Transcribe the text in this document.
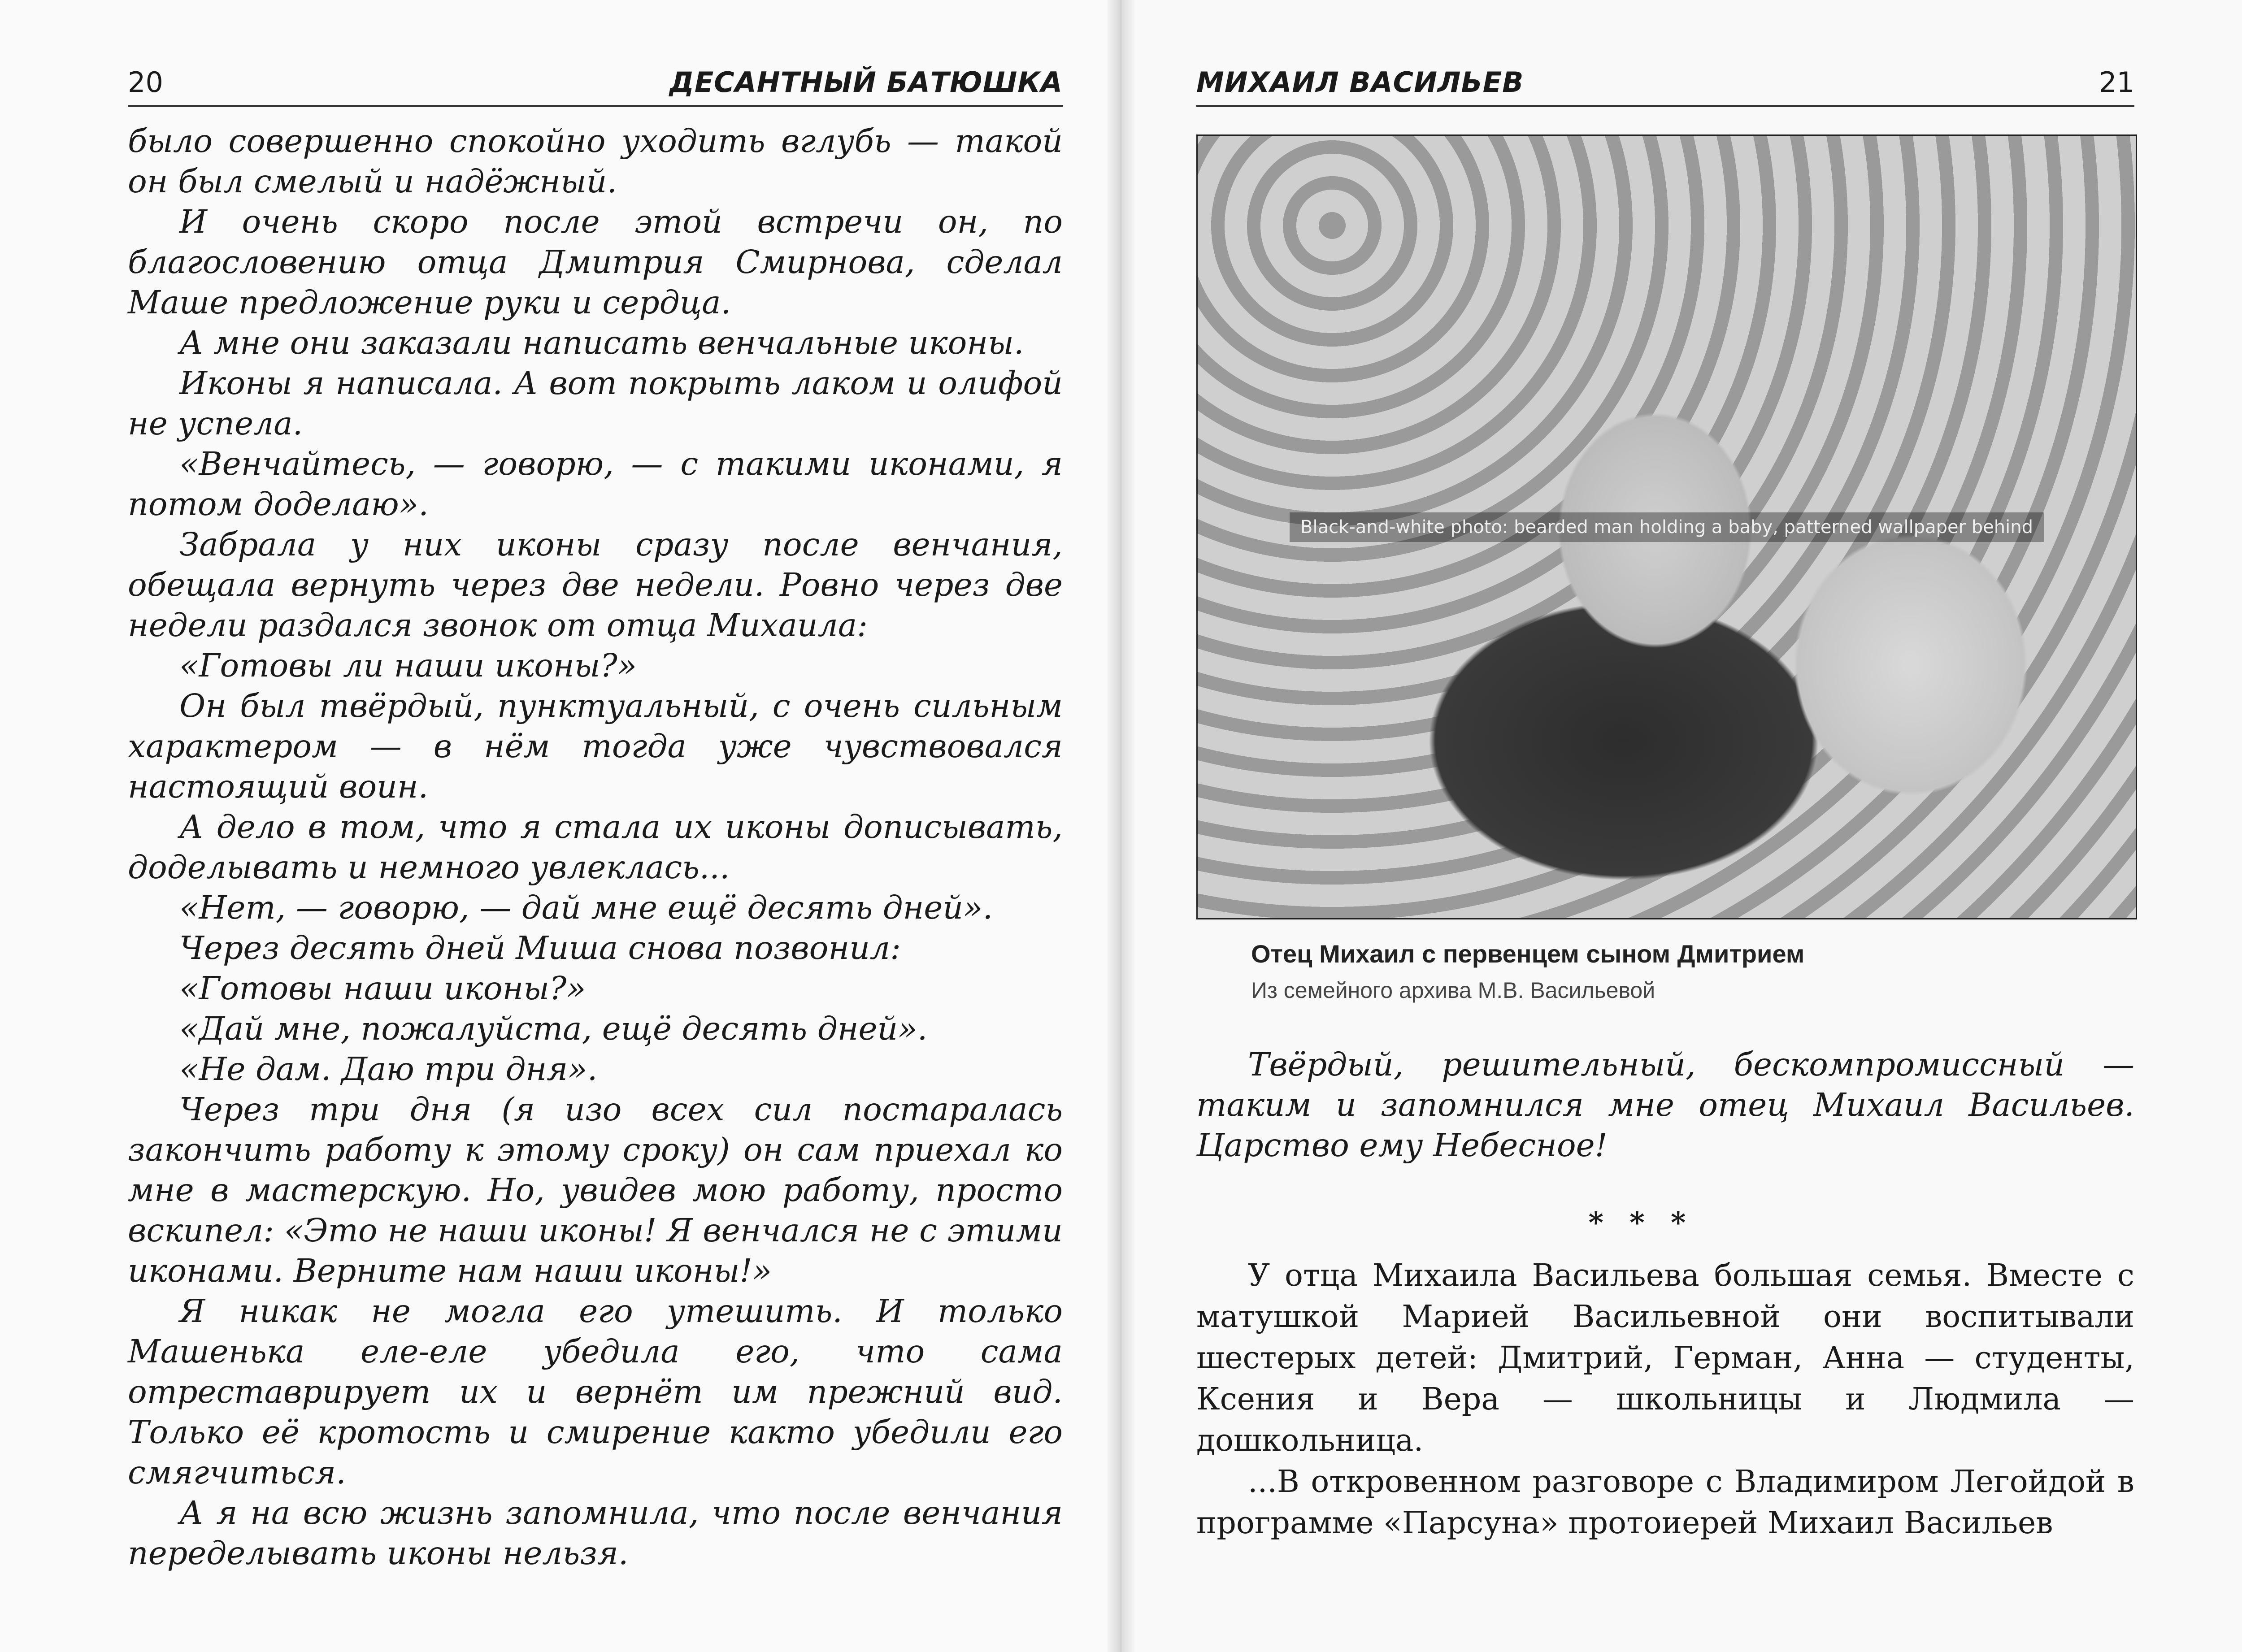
20	ДЕСАНТНЫЙ БАТЮШКА

было совершенно спокойно уходить вглубь — такой он был смелый и надёжный.

И очень скоро после этой встречи он, по благословению отца Дмитрия Смирнова, сделал Маше предложение руки и сердца.

А мне они заказали написать венчальные иконы.

Иконы я написала. А вот покрыть лаком и олифой не успела.

«Венчайтесь, — говорю, — с такими иконами, я потом доделаю».

Забрала у них иконы сразу после венчания, обещала вернуть через две недели. Ровно через две недели раздался звонок от отца Михаила:

«Готовы ли наши иконы?»

Он был твёрдый, пунктуальный, с очень сильным характером — в нём тогда уже чувствовался настоящий воин.

А дело в том, что я стала их иконы дописывать, доделывать и немного увлеклась...

«Нет, — говорю, — дай мне ещё десять дней».

Через десять дней Миша снова позвонил:

«Готовы наши иконы?»

«Дай мне, пожалуйста, ещё десять дней».

«Не дам. Даю три дня».

Через три дня (я изо всех сил постаралась закончить работу к этому сроку) он сам приехал ко мне в мастерскую. Но, увидев мою работу, просто вскипел: «Это не наши иконы! Я венчался не с этими иконами. Верните нам наши иконы!»

Я никак не могла его утешить. И только Машенька еле-еле убедила его, что сама отреставрирует их и вернёт им прежний вид. Только её кротость и смирение както убедили его смягчиться.

А я на всю жизнь запомнила, что после венчания переделывать иконы нельзя.

МИХАИЛ ВАСИЛЬЕВ	21
Black-and-white photo: bearded man holding a baby, patterned wallpaper behind
Отец Михаил с первенцем сыном Дмитрием
Из семейного архива М.В. Васильевой

Твёрдый, решительный, бескомпромиссный — таким и запомнился мне отец Михаил Васильев. Царство ему Небесное!

У отца Михаила Васильева большая семья. Вместе с матушкой Марией Васильевной они воспитывали шестерых детей: Дмитрий, Герман, Анна — студенты, Ксения и Вера — школьницы и Людмила — дошкольница.

...В откровенном разговоре с Владимиром Легойдой в программе «Парсуна» протоиерей Михаил Васильев

* * *
